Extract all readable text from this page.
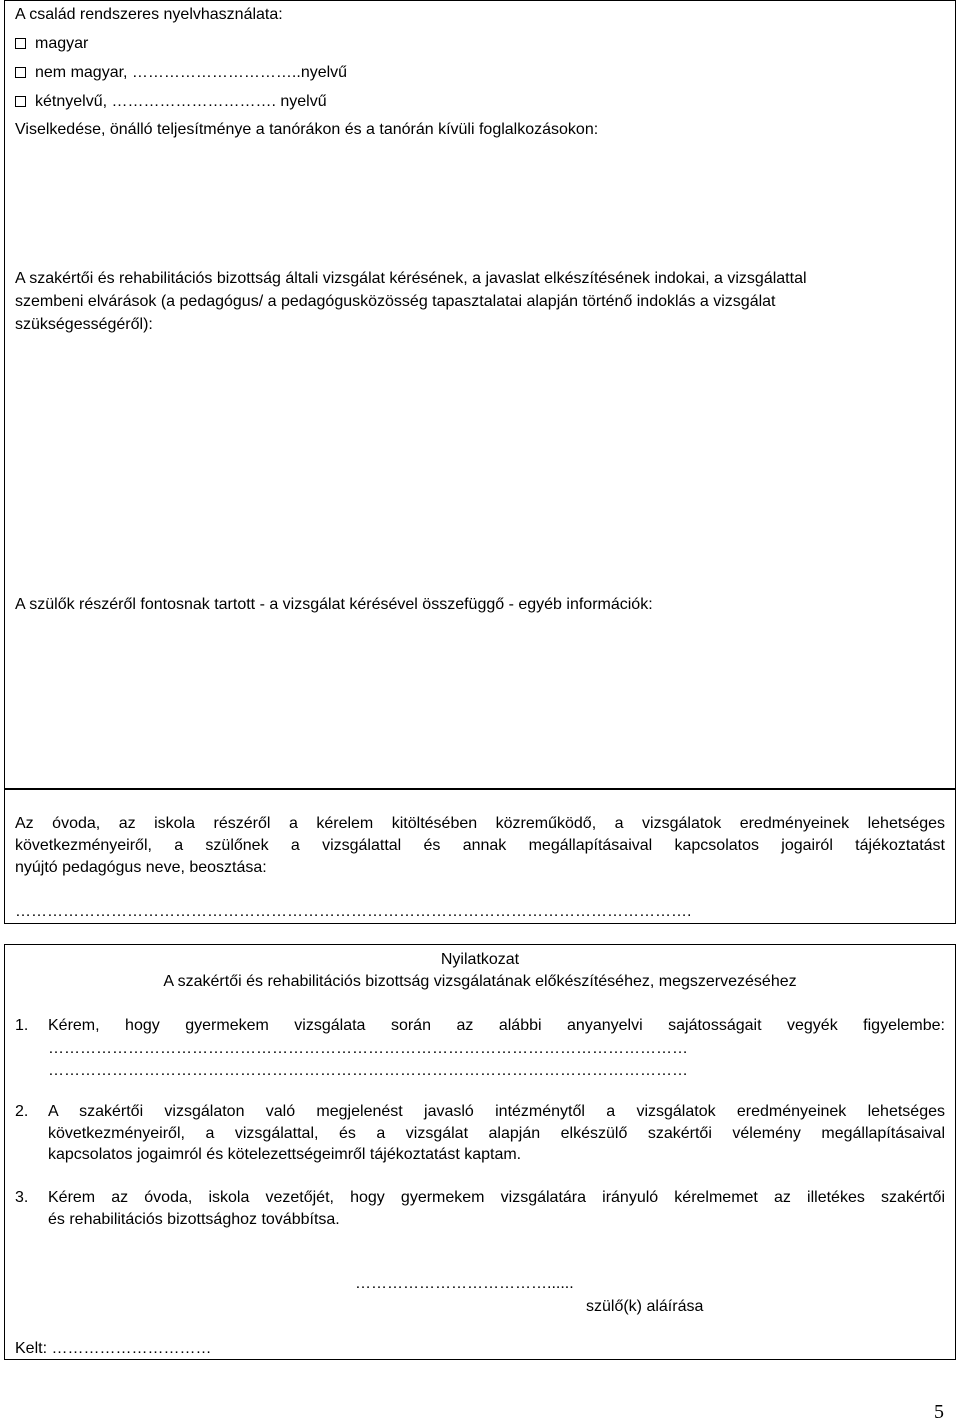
A család rendszeres nyelvhasználata:
magyar
nem magyar, …………………………..nyelvű
kétnyelvű, …………………………. nyelvű
Viselkedése, önálló teljesítménye a tanórákon és a tanórán kívüli foglalkozásokon:
A szakértői és rehabilitációs bizottság általi vizsgálat kérésének, a javaslat elkészítésének indokai, a vizsgálattal
szembeni elvárások (a pedagógus/ a pedagógusközösség tapasztalatai alapján történő indoklás a vizsgálat
szükségességéről):
A szülők részéről fontosnak tartott - a vizsgálat kérésével összefüggő - egyéb információk:
Az óvoda, az iskola részéről a kérelem kitöltésében közreműködő, a vizsgálatok eredményeinek lehetséges
következményeiről, a szülőnek a vizsgálattal és annak megállapításaival kapcsolatos jogairól tájékoztatást
nyújtó pedagógus neve, beosztása:
……………………………………………………………………………………………………………….
Nyilatkozat
A szakértői és rehabilitációs bizottság vizsgálatának előkészítéséhez, megszervezéséhez
1. Kérem, hogy gyermekem vizsgálata során az alábbi anyanyelvi sajátosságait vegyék figyelembe:
…………………………………………………………………………………………………………
…………………………………………………………………………………………………………
2. A szakértői vizsgálaton való megjelenést javasló intézménytől a vizsgálatok eredményeinek lehetséges
következményeiről, a vizsgálattal, és a vizsgálat alapján elkészülő szakértői vélemény megállapításaival
kapcsolatos jogaimról és kötelezettségeimről tájékoztatást kaptam.
3. Kérem az óvoda, iskola vezetőjét, hogy gyermekem vizsgálatára irányuló kérelmemet az illetékes szakértői
és rehabilitációs bizottsághoz továbbítsa.
………………………………......
szülő(k) aláírása
Kelt: …………………………
5
